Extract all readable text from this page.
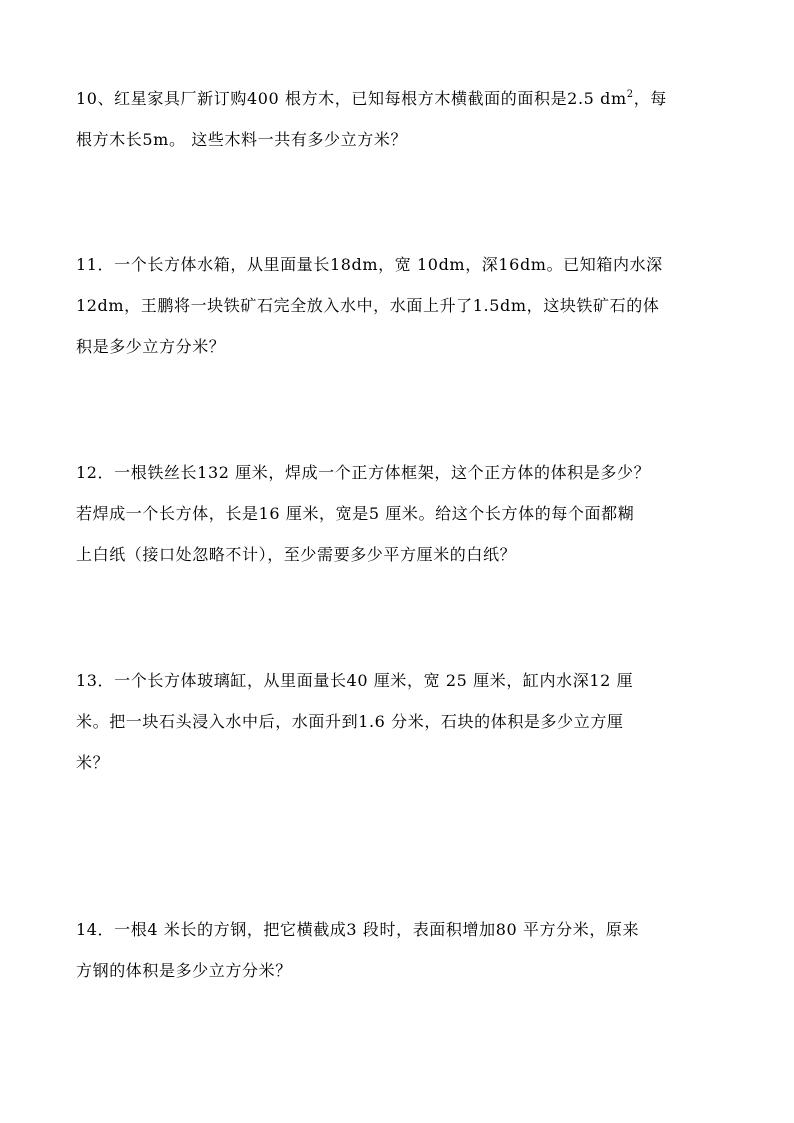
10、红星家具厂新订购400 根方木，已知每根方木横截面的面积是2.5 $dm^2$，每
根方木长5m。 这些木料一共有多少立方米？
11．一个长方体水箱，从里面量长18dm，宽 10dm，深16dm。已知箱内水深
12dm，王鹏将一块铁矿石完全放入水中，水面上升了1.5dm，这块铁矿石的体
积是多少立方分米？
12．一根铁丝长132 厘米，焊成一个正方体框架，这个正方体的体积是多少？
若焊成一个长方体，长是16 厘米，宽是5 厘米。给这个长方体的每个面都糊
上白纸（接口处忽略不计），至少需要多少平方厘米的白纸？
13．一个长方体玻璃缸，从里面量长40 厘米，宽 25 厘米，缸内水深12 厘
米。把一块石头浸入水中后，水面升到1.6 分米，石块的体积是多少立方厘
米？
14．一根4 米长的方钢，把它横截成3 段时，表面积增加80 平方分米，原来
方钢的体积是多少立方分米？
